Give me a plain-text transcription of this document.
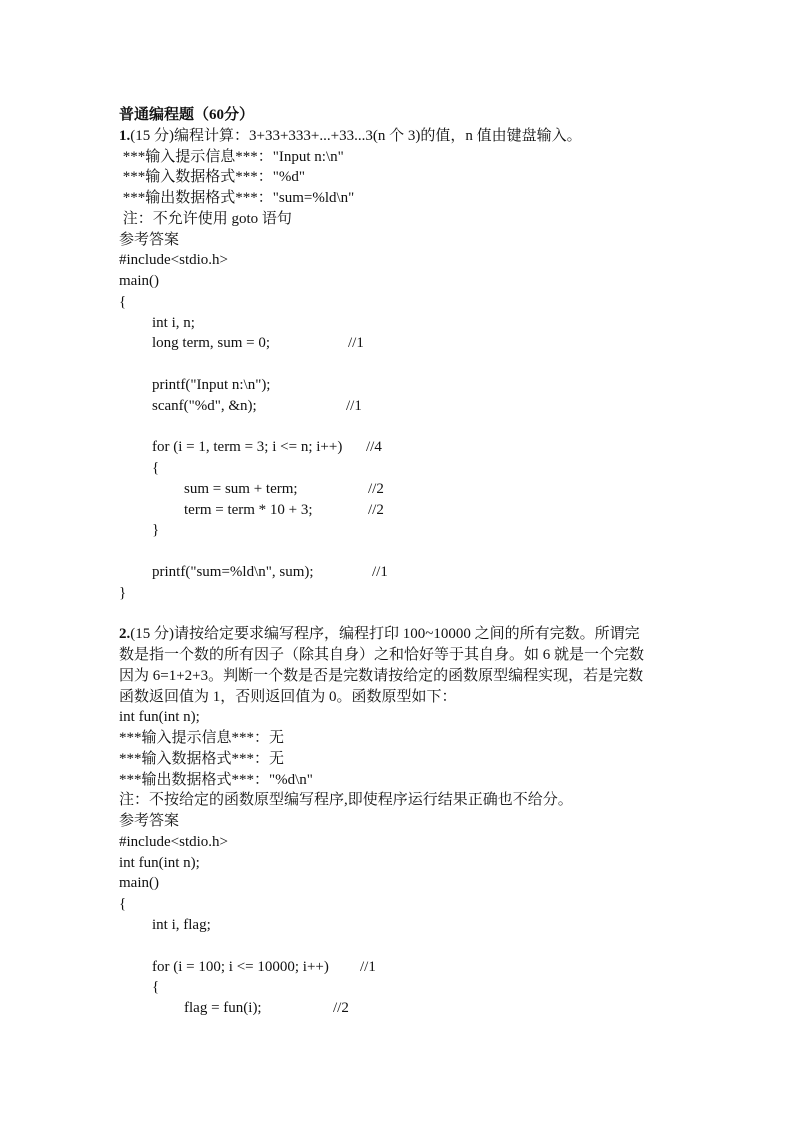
普通编程题（60分）
1.(15 分)编程计算：3+33+333+...+33...3(n 个 3)的值，n 值由键盘输入。
***输入提示信息***："Input n:\n"
***输入数据格式***："%d"
***输出数据格式***："sum=%ld\n"
注：不允许使用 goto 语句
参考答案
#include<stdio.h>
main()
{
int i, n;
long term, sum = 0;	//1
printf("Input n:\n");
scanf("%d", &n);	//1
for (i = 1, term = 3; i <= n; i++) //4
{
sum = sum + term;	//2
term = term * 10 + 3;	//2
}
printf("sum=%ld\n", sum);	//1
}
2.(15 分)请按给定要求编写程序，编程打印 100~10000 之间的所有完数。所谓完
数是指一个数的所有因子（除其自身）之和恰好等于其自身。如 6 就是一个完数
因为 6=1+2+3。判断一个数是否是完数请按给定的函数原型编程实现，若是完数
函数返回值为 1，否则返回值为 0。函数原型如下：
int fun(int n);
***输入提示信息***：无
***输入数据格式***：无
***输出数据格式***："%d\n"
注：不按给定的函数原型编写程序,即使程序运行结果正确也不给分。
参考答案
#include<stdio.h>
int fun(int n);
main()
{
int i, flag;
for (i = 100; i <= 10000; i++) //1
{
flag = fun(i);	//2
